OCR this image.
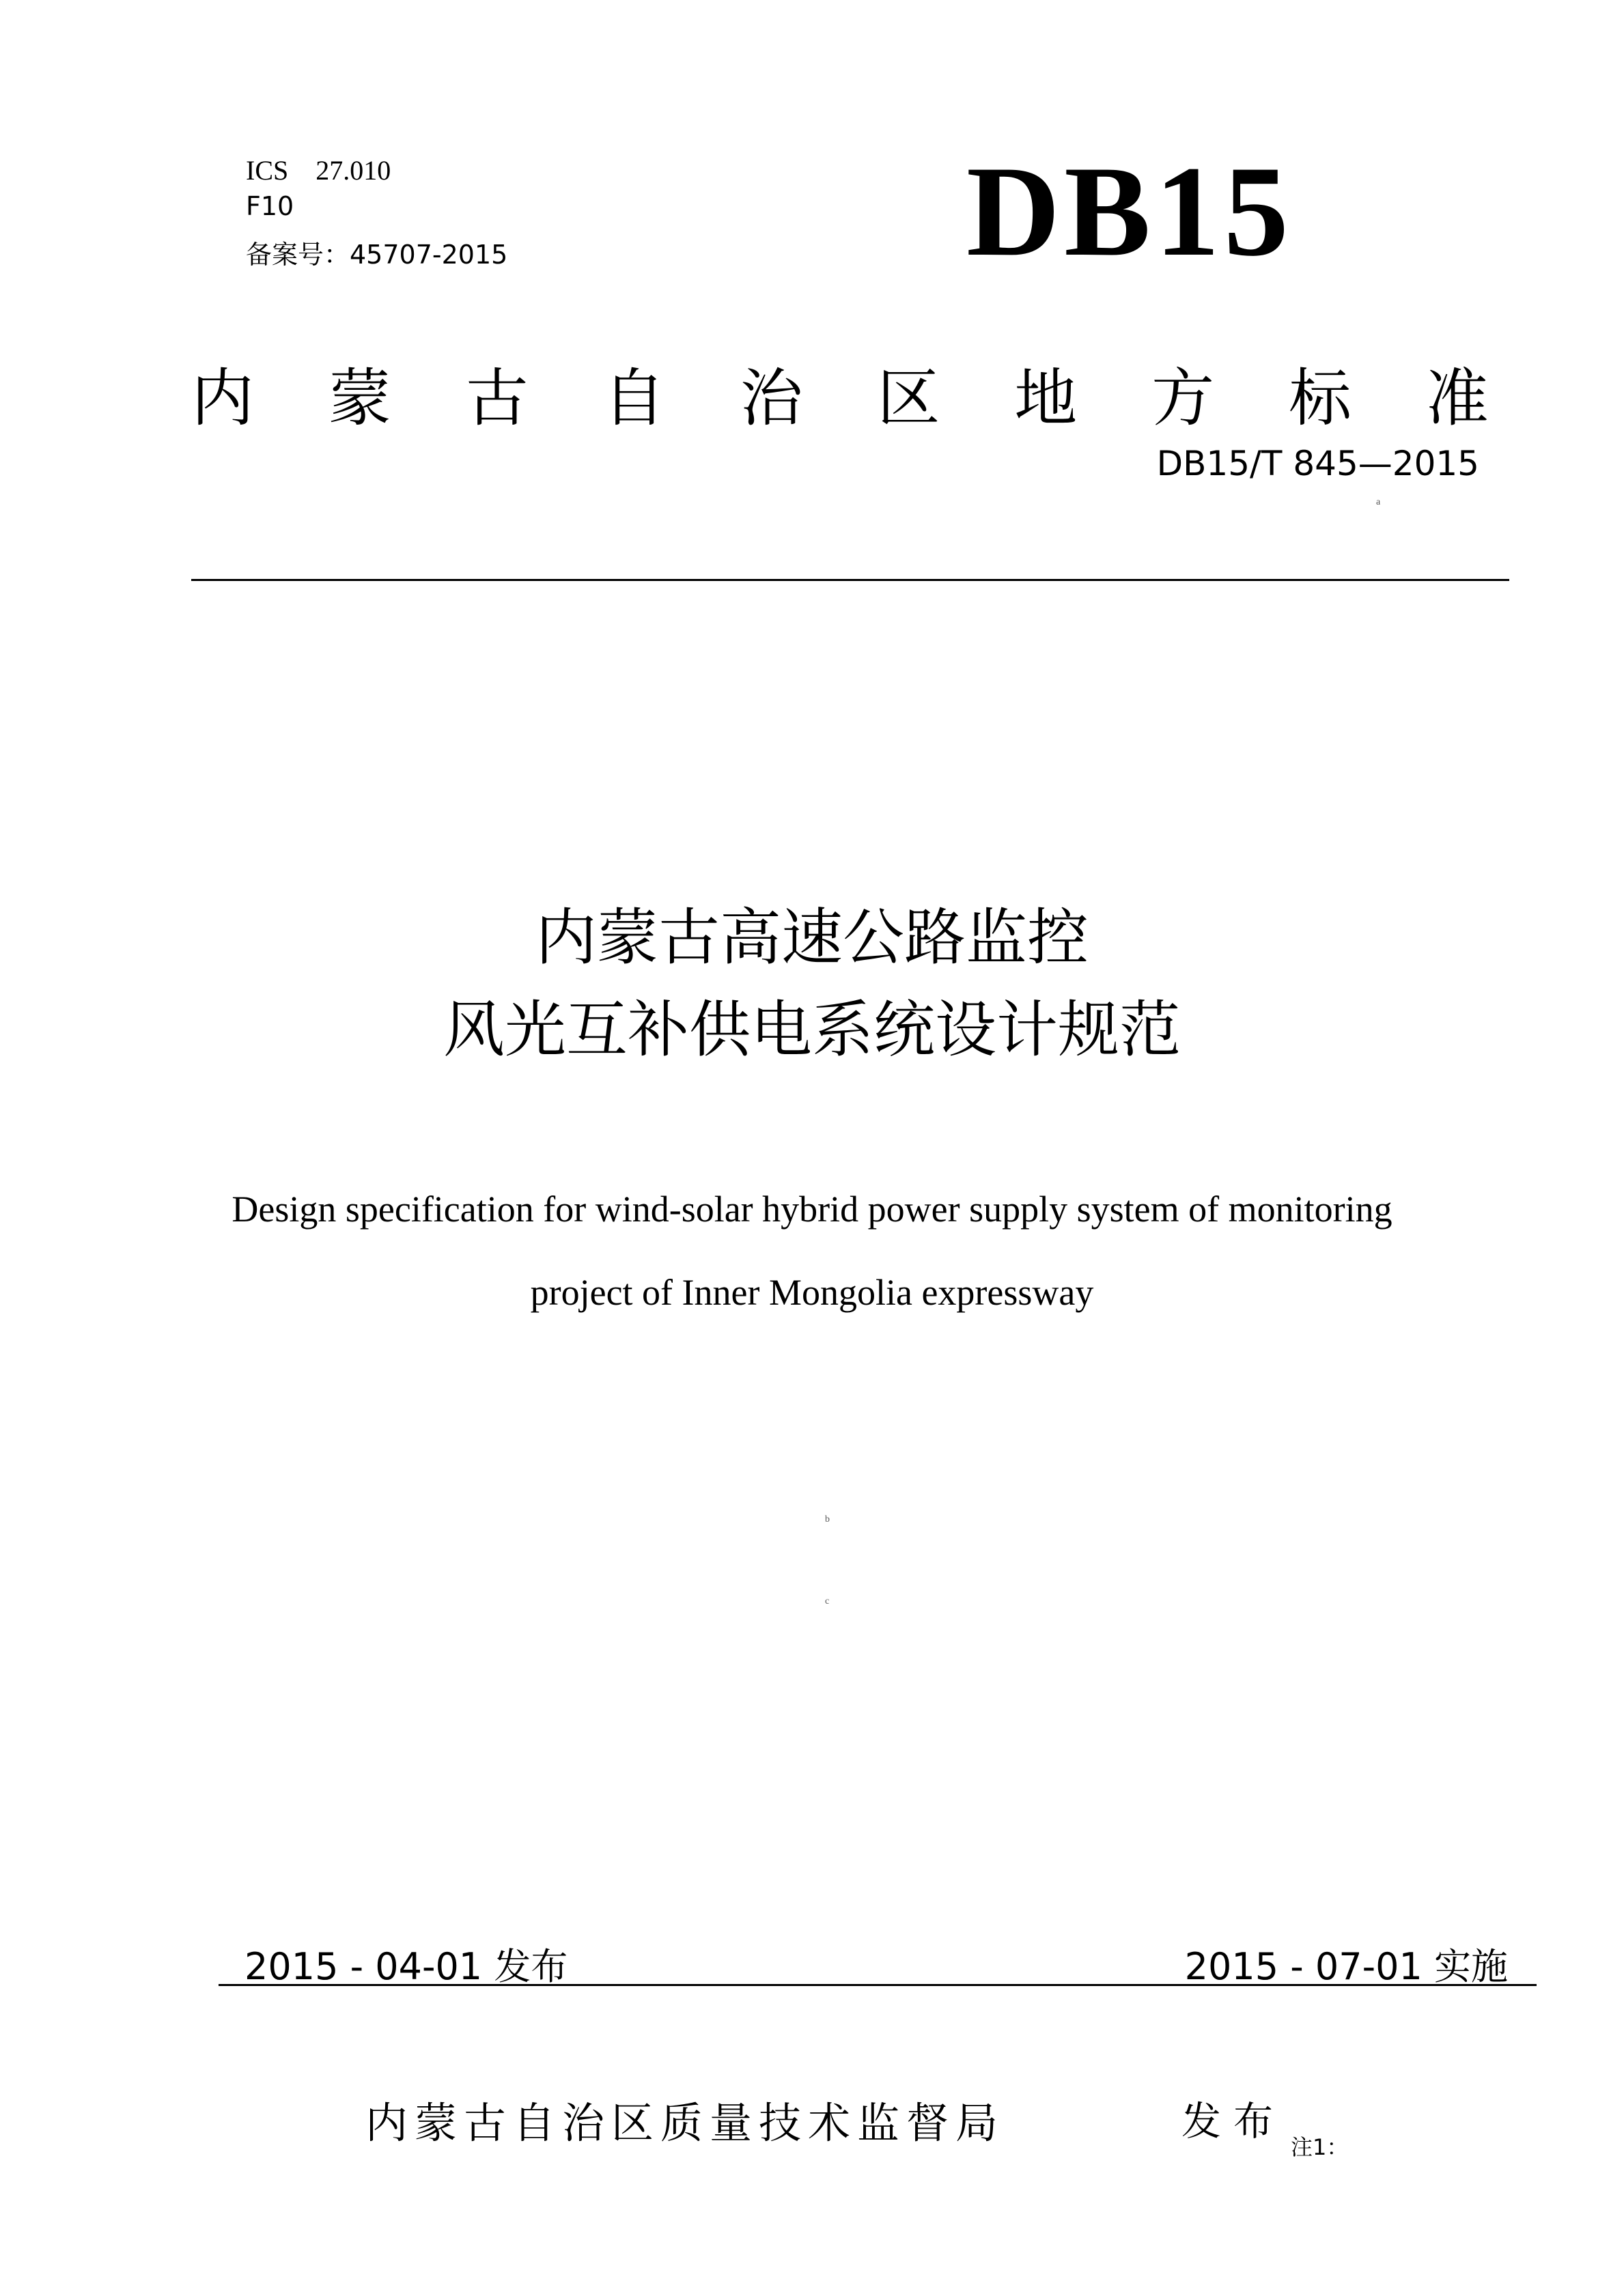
ICS　27.010
F10
备案号：45707-2015	DB15
内 蒙 古 自 治 区 地 方 标 准
DB15/T 845—2015
a
内蒙古高速公路监控
风光互补供电系统设计规范
Design specification for wind-solar hybrid power supply system of monitoring
project of Inner Mongolia expressway
b
c
2015 - 04-01 发布	2015 - 07-01 实施
内蒙古自治区质量技术监督局	发布
注1：
